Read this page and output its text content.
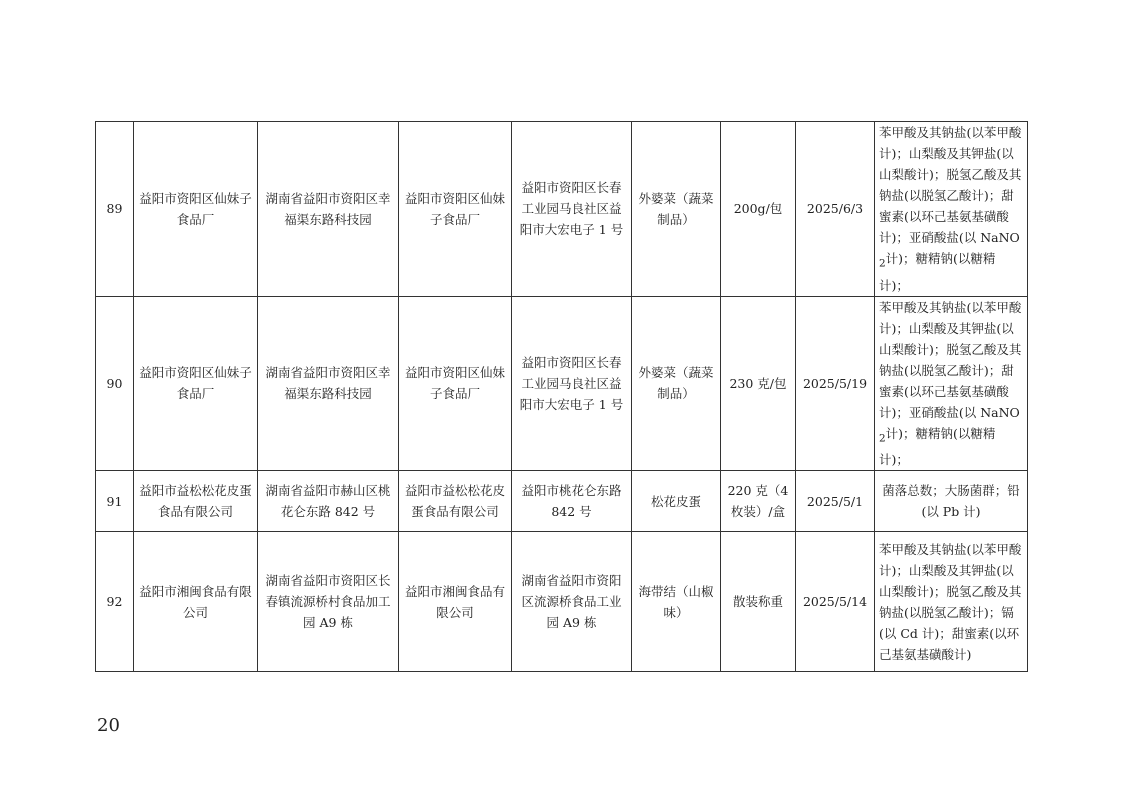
89	益阳市资阳区仙妹子食品厂	湖南省益阳市资阳区幸福渠东路科技园	益阳市资阳区仙妹子食品厂	益阳市资阳区长春工业园马良社区益阳市大宏电子 1 号	外婆菜（蔬菜制品）	200g/包	2025/6/3	苯甲酸及其钠盐(以苯甲酸计)；山梨酸及其钾盐(以山梨酸计)；脱氢乙酸及其钠盐(以脱氢乙酸计)；甜蜜素(以环己基氨基磺酸计)；亚硝酸盐(以 NaNO$_2$计)；糖精钠(以糖精计)；
90	益阳市资阳区仙妹子食品厂	湖南省益阳市资阳区幸福渠东路科技园	益阳市资阳区仙妹子食品厂	益阳市资阳区长春工业园马良社区益阳市大宏电子 1 号	外婆菜（蔬菜制品）	230 克/包	2025/5/19	苯甲酸及其钠盐(以苯甲酸计)；山梨酸及其钾盐(以山梨酸计)；脱氢乙酸及其钠盐(以脱氢乙酸计)；甜蜜素(以环己基氨基磺酸计)；亚硝酸盐(以 NaNO$_2$计)；糖精钠(以糖精计)；
91	益阳市益松松花皮蛋食品有限公司	湖南省益阳市赫山区桃花仑东路 842 号	益阳市益松松花皮蛋食品有限公司	益阳市桃花仑东路 842 号	松花皮蛋	220 克（4 枚装）/盒	2025/5/1	菌落总数；大肠菌群；铅(以 Pb 计)
92	益阳市湘闽食品有限公司	湖南省益阳市资阳区长春镇流源桥村食品加工园 A9 栋	益阳市湘闽食品有限公司	湖南省益阳市资阳区流源桥食品工业园 A9 栋	海带结（山椒味）	散装称重	2025/5/14	苯甲酸及其钠盐(以苯甲酸计)；山梨酸及其钾盐(以山梨酸计)；脱氢乙酸及其钠盐(以脱氢乙酸计)；镉(以 Cd 计)；甜蜜素(以环己基氨基磺酸计)
20
